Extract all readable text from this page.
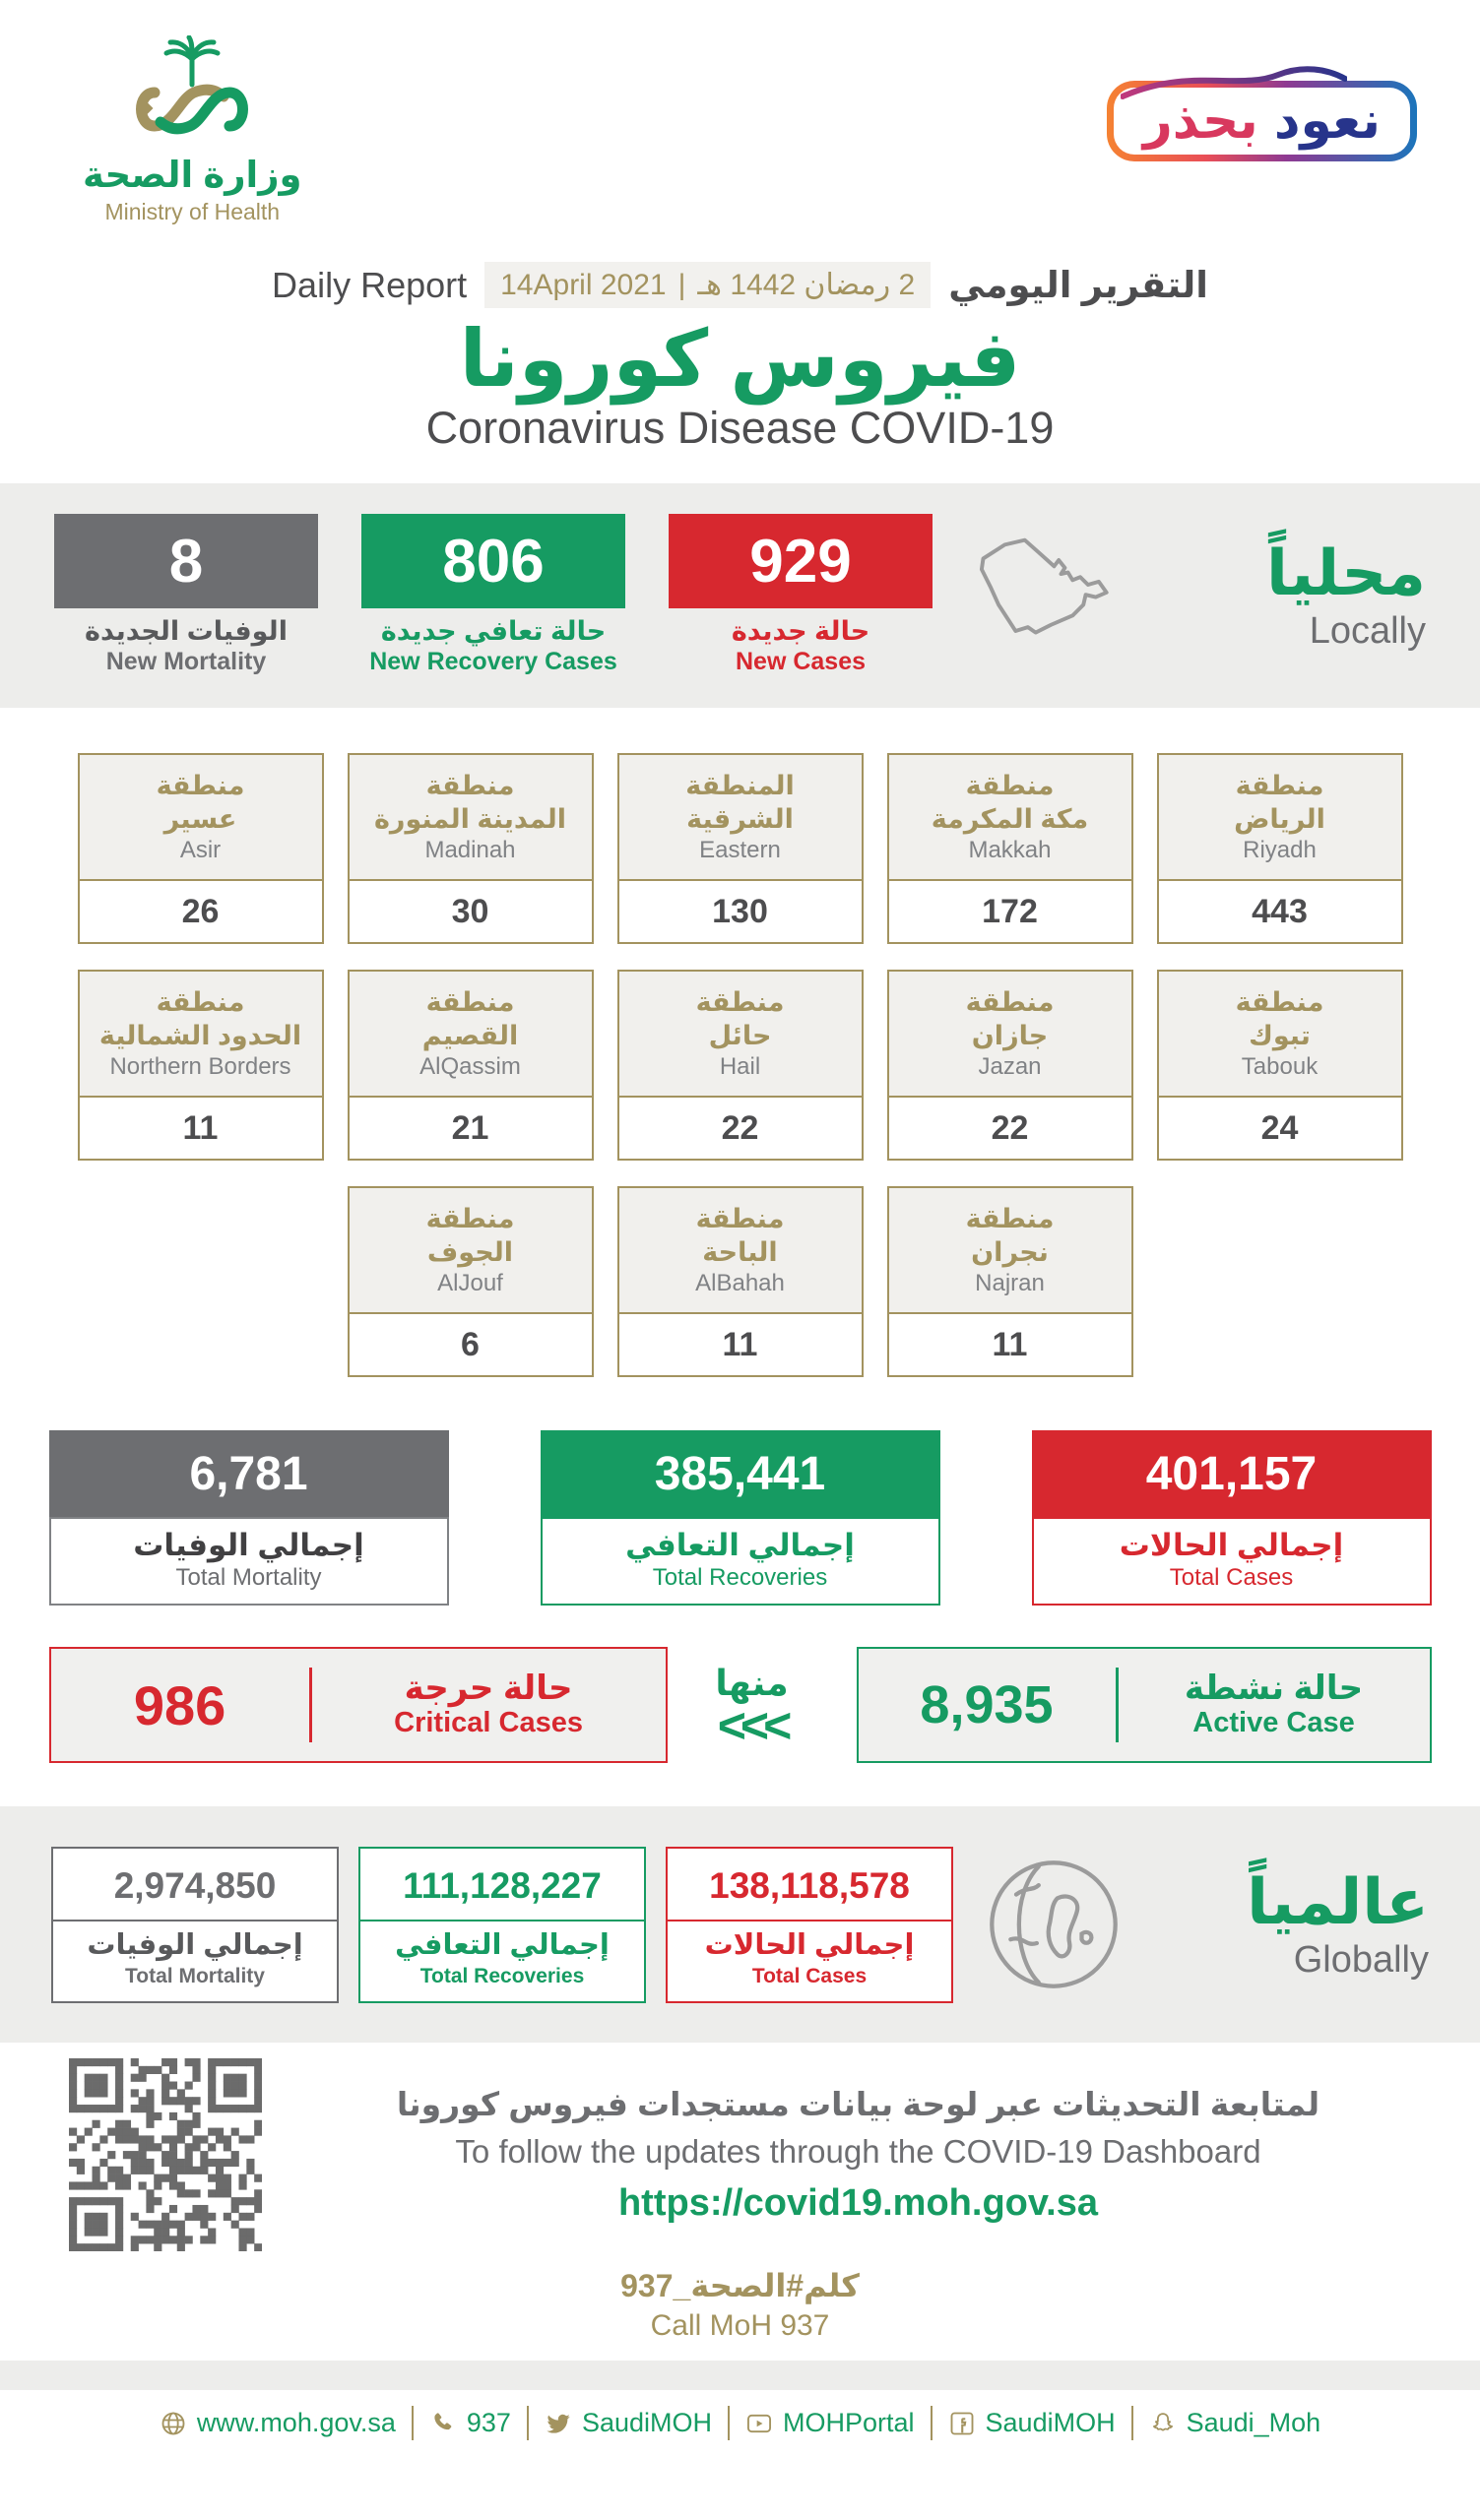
وزارة الصحة
Ministry of Health
نعود
بحذر
Daily Report 14April 2021 | 2 رمضان 1442 هـ التقرير اليومي
فيروس كورونا
Coronavirus Disease COVID-19
8
الوفيات الجديدة
New Mortality
806
حالة تعافي جديدة
New Recovery Cases
929
حالة جديدة
New Cases
محلياً
Locally
منطقة
عسير
Asir
26
منطقة
المدينة المنورة
Madinah
30
المنطقة
الشرقية
Eastern
130
منطقة
مكة المكرمة
Makkah
172
منطقة
الرياض
Riyadh
443
منطقة
الحدود الشمالية
Northern Borders
11
منطقة
القصيم
AlQassim
21
منطقة
حائل
Hail
22
منطقة
جازان
Jazan
22
منطقة
تبوك
Tabouk
24
منطقة
الجوف
AlJouf
6
منطقة
الباحة
AlBahah
11
منطقة
نجران
Najran
11
6,781
إجمالي الوفيات
Total Mortality
385,441
إجمالي التعافي
Total Recoveries
401,157
إجمالي الحالات
Total Cases
986	حالة حرجة
Critical Cases
منها
<<<	8,935	حالة نشطة
Active Case
2,974,850
إجمالي الوفيات
Total Mortality
111,128,227
إجمالي التعافي
Total Recoveries
138,118,578
إجمالي الحالات
Total Cases
عالمياً
Globally
لمتابعة التحديثات عبر لوحة بيانات مستجدات فيروس كورونا
To follow the updates through the COVID-19 Dashboard
https://covid19.moh.gov.sa
كلم#الصحة_937
Call MoH 937
www.moh.gov.sa	937	SaudiMOH	MOHPortal	SaudiMOH	Saudi_Moh
